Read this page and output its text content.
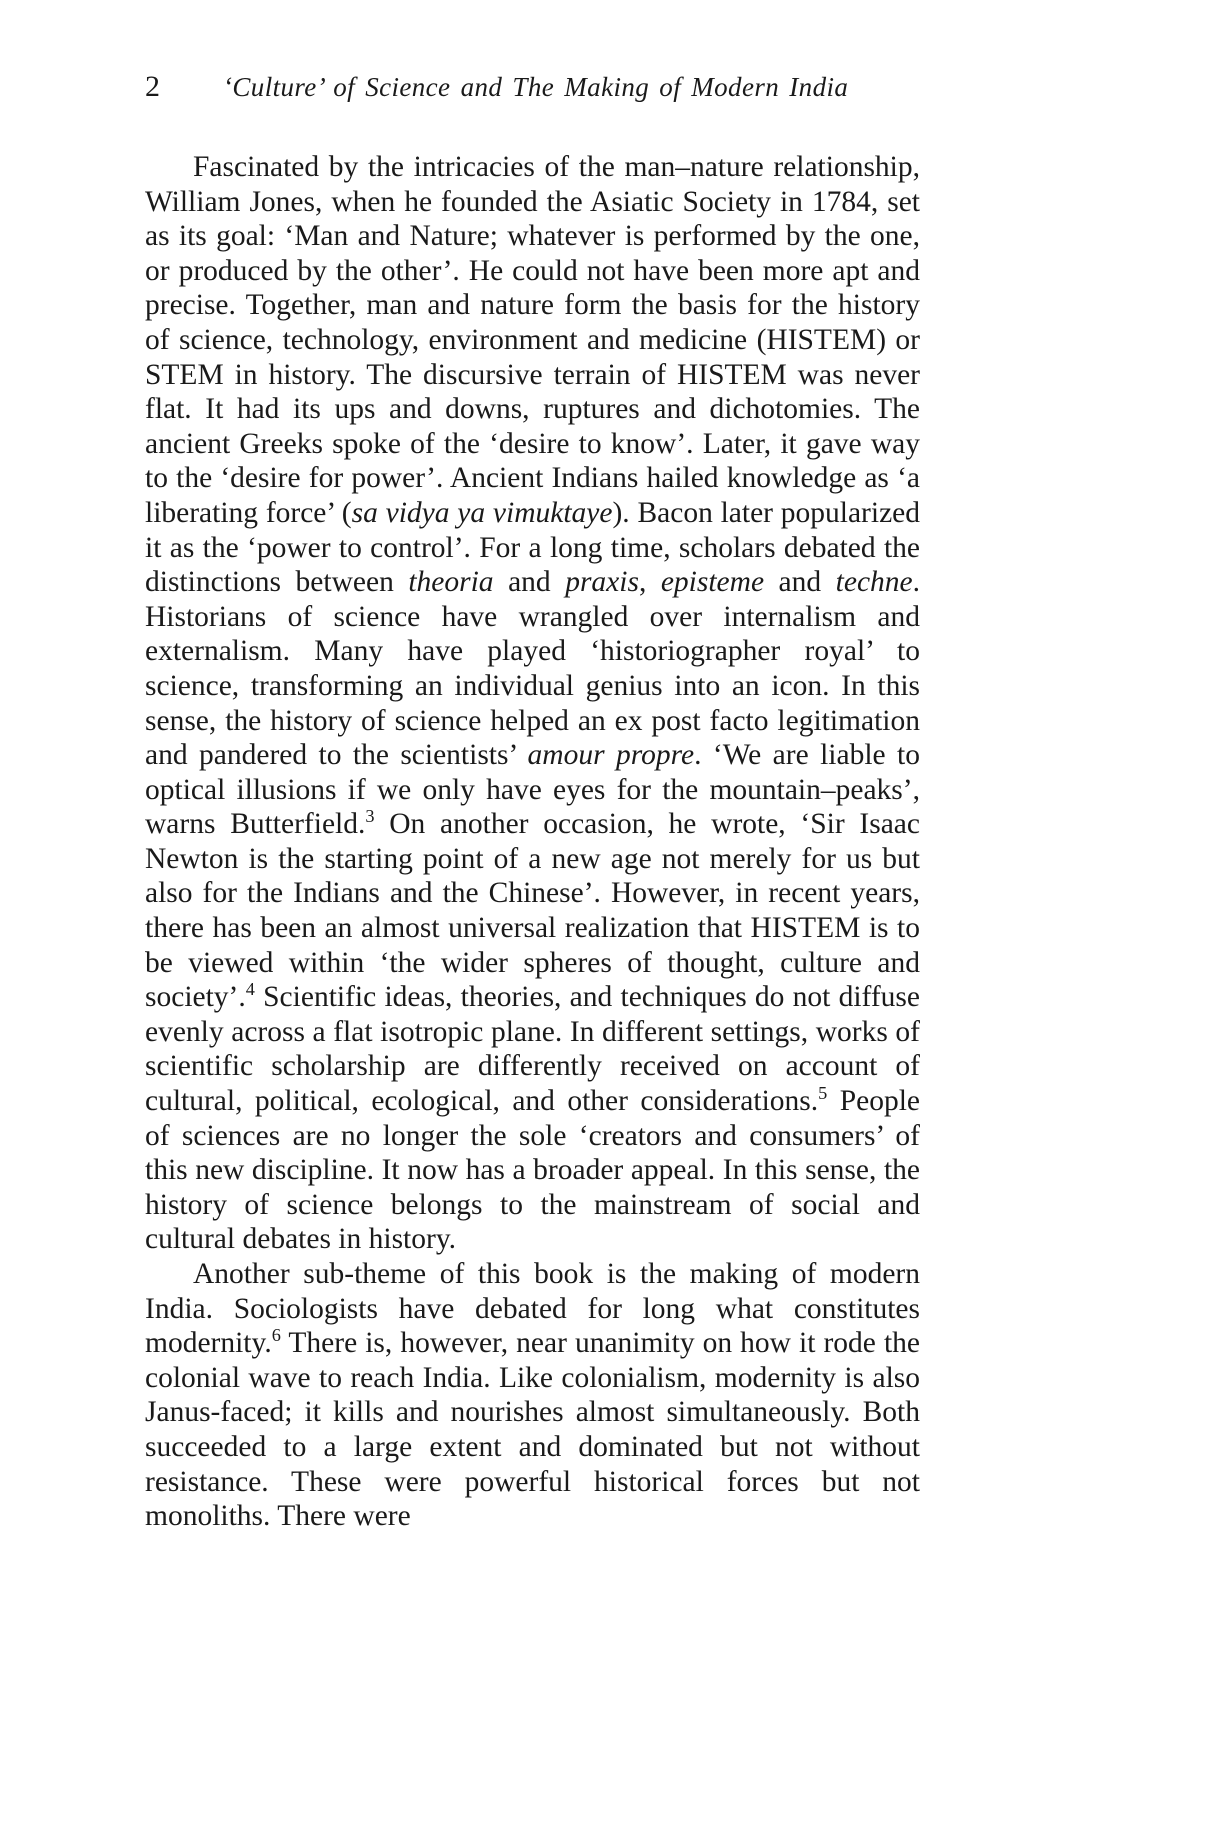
2	‘Culture’ of Science and The Making of Modern India

Fascinated by the intricacies of the man–nature relationship, William Jones, when he founded the Asiatic Society in 1784, set as its goal: ‘Man and Nature; whatever is performed by the one, or produced by the other’. He could not have been more apt and precise. Together, man and nature form the basis for the history of science, technology, environment and medicine (HISTEM) or STEM in history. The discursive terrain of HISTEM was never flat. It had its ups and downs, ruptures and dichotomies. The ancient Greeks spoke of the ‘desire to know’. Later, it gave way to the ‘desire for power’. Ancient Indians hailed knowledge as ‘a liberating force’ (sa vidya ya vimuktaye). Bacon later popularized it as the ‘power to control’. For a long time, scholars debated the distinctions between theoria and praxis, episteme and techne. Historians of science have wrangled over internalism and externalism. Many have played ‘historiographer royal’ to science, transforming an individual genius into an icon. In this sense, the history of science helped an ex post facto legitimation and pandered to the scientists’ amour propre. ‘We are liable to optical illusions if we only have eyes for the mountain–peaks’, warns Butterfield.$^3$ On another occasion, he wrote, ‘Sir Isaac Newton is the starting point of a new age not merely for us but also for the Indians and the Chinese’. However, in recent years, there has been an almost universal realization that HISTEM is to be viewed within ‘the wider spheres of thought, culture and society’.$^4$ Scientific ideas, theories, and techniques do not diffuse evenly across a flat isotropic plane. In different settings, works of scientific scholarship are differently received on account of cultural, political, ecological, and other considerations.$^5$ People of sciences are no longer the sole ‘creators and consumers’ of this new discipline. It now has a broader appeal. In this sense, the history of science belongs to the mainstream of social and cultural debates in history.

Another sub-theme of this book is the making of modern India. Sociologists have debated for long what constitutes modernity.$^6$ There is, however, near unanimity on how it rode the colonial wave to reach India. Like colonialism, modernity is also Janus-faced; it kills and nourishes almost simultaneously. Both succeeded to a large extent and dominated but not without resistance. These were powerful historical forces but not monoliths. There were
